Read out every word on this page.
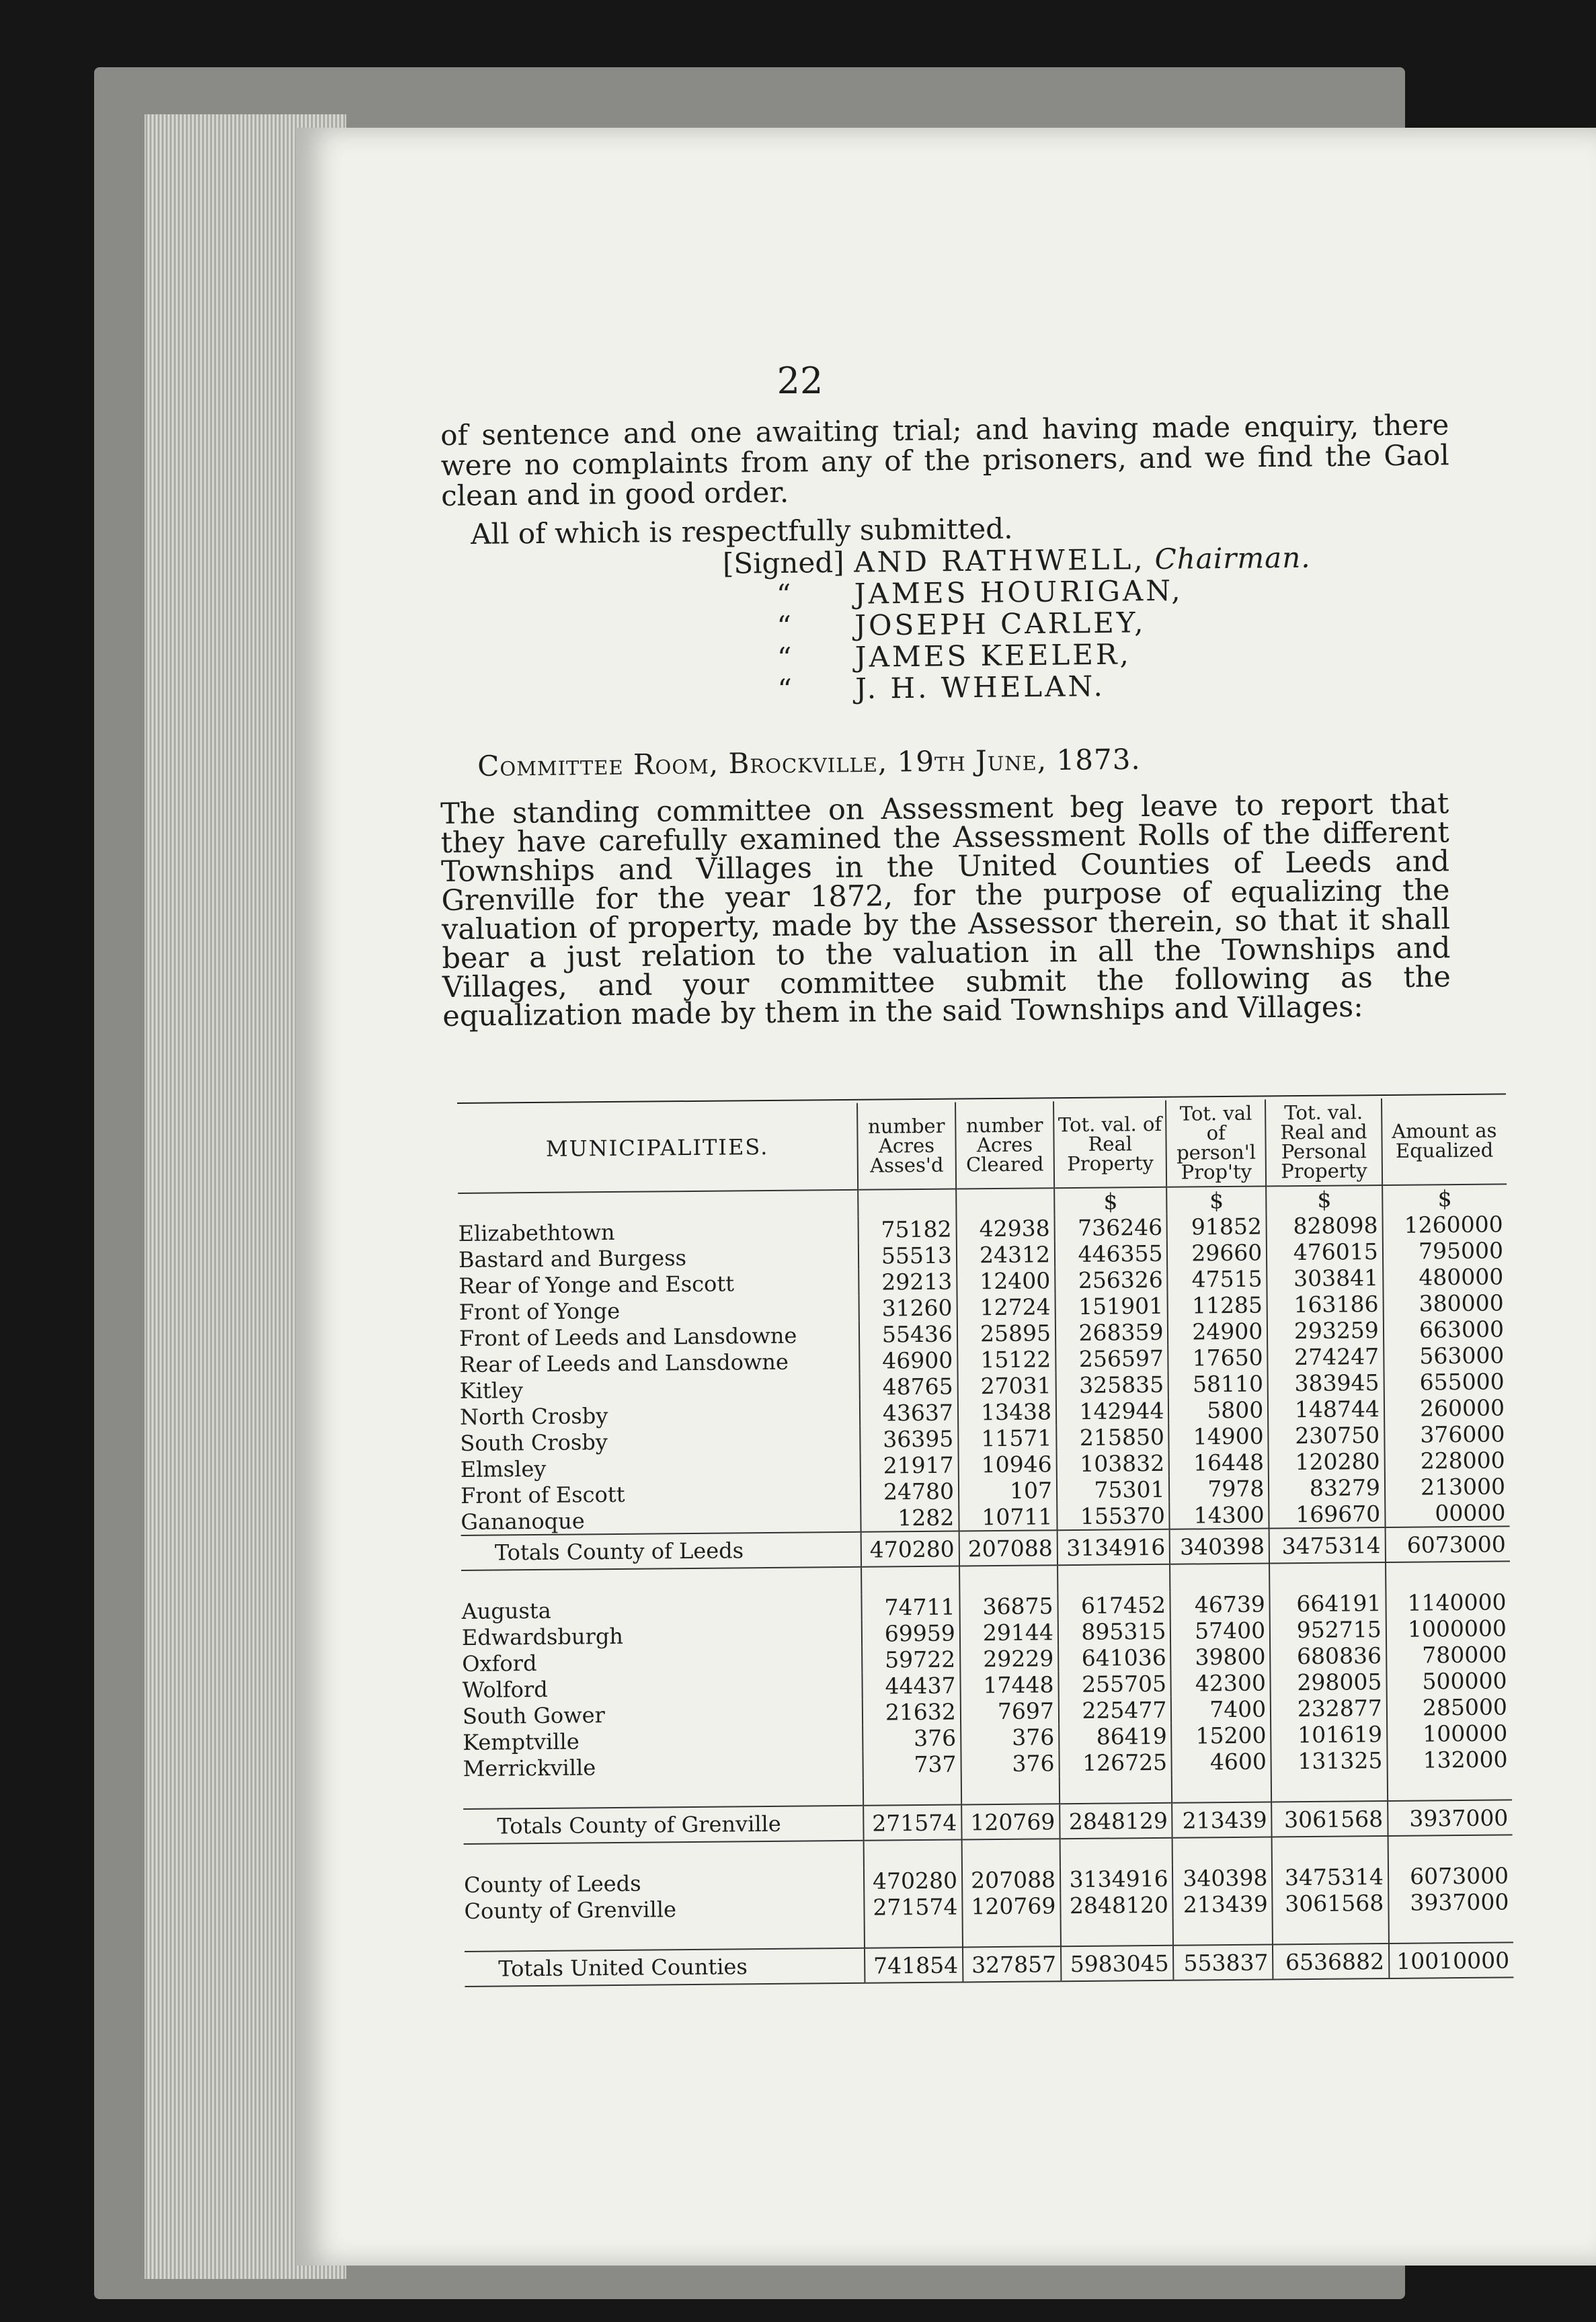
22
of sentence and one awaiting trial; and having made enquiry, there were no complaints from any of the prisoners, and we find the Gaol clean and in good order.
All of which is respectfully submitted.
[Signed] AND RATHWELL, Chairman.
“	JAMES HOURIGAN,
“	JOSEPH CARLEY,
“	JAMES KEELER,
“	J. H. WHELAN.
Committee Room, Brockville, 19th June, 1873.
The standing committee on Assessment beg leave to report that they have carefully examined the Assessment Rolls of the different Townships and Villages in the United Counties of Leeds and Grenville for the year 1872, for the purpose of equalizing the valuation of property, made by the Assessor therein, so that it shall bear a just relation to the valuation in all the Townships and Villages, and your committee submit the following as the equalization made by them in the said Townships and Villages:
MUNICIPALITIES.	number Acres Asses'd	number Acres Cleared	Tot. val. of Real Property	Tot. val of person'l Prop'ty	Tot. val. Real and Personal Property	Amount as Equalized
			$	$	$	$
Elizabethtown	75182	42938	736246	91852	828098	1260000
Bastard and Burgess	55513	24312	446355	29660	476015	795000
Rear of Yonge and Escott	29213	12400	256326	47515	303841	480000
Front of Yonge	31260	12724	151901	11285	163186	380000
Front of Leeds and Lansdowne	55436	25895	268359	24900	293259	663000
Rear of Leeds and Lansdowne	46900	15122	256597	17650	274247	563000
Kitley	48765	27031	325835	58110	383945	655000
North Crosby	43637	13438	142944	5800	148744	260000
South Crosby	36395	11571	215850	14900	230750	376000
Elmsley	21917	10946	103832	16448	120280	228000
Front of Escott	24780	107	75301	7978	83279	213000
Gananoque	1282	10711	155370	14300	169670	00000
Totals County of Leeds	470280	207088	3134916	340398	3475314	6073000

Augusta	74711	36875	617452	46739	664191	1140000
Edwardsburgh	69959	29144	895315	57400	952715	1000000
Oxford	59722	29229	641036	39800	680836	780000
Wolford	44437	17448	255705	42300	298005	500000
South Gower	21632	7697	225477	7400	232877	285000
Kemptville	376	376	86419	15200	101619	100000
Merrickville	737	376	126725	4600	131325	132000

Totals County of Grenville	271574	120769	2848129	213439	3061568	3937000

County of Leeds	470280	207088	3134916	340398	3475314	6073000
County of Grenville	271574	120769	2848120	213439	3061568	3937000

Totals United Counties	741854	327857	5983045	553837	6536882	10010000
